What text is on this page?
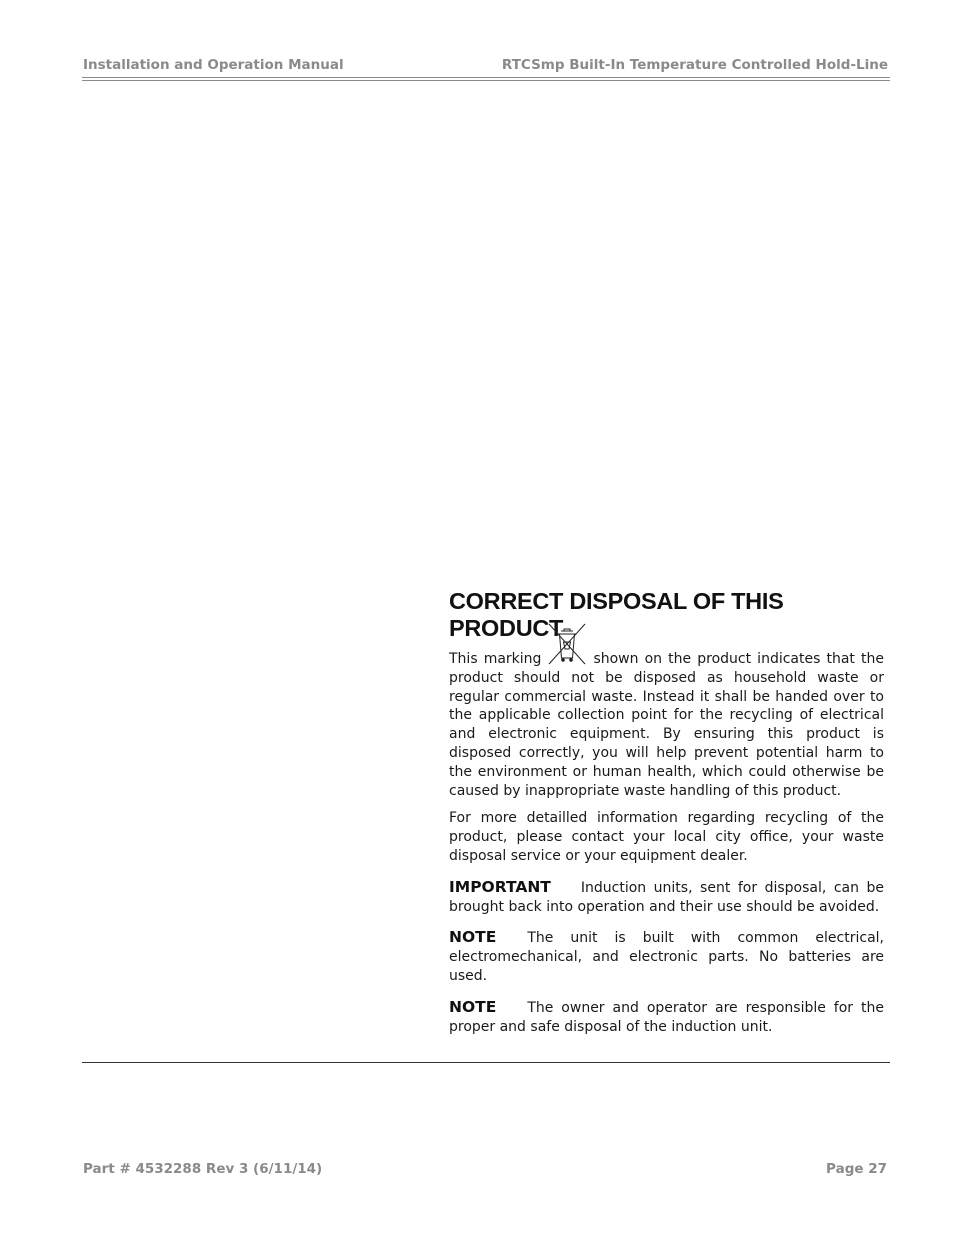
Installation and Operation Manual	RTCSmp Built-In Temperature Controlled Hold-Line
CORRECT DISPOSAL OF THIS PRODUCT

This marking	shown on the product indicates that the product should not be disposed as household waste or regular commercial waste. Instead it shall be handed over to the applicable collection point for the recycling of electrical and electronic equipment. By ensuring this product is disposed correctly, you will help prevent potential harm to the environment or human health, which could otherwise be caused by inappropriate waste handling of this product.

For more detailled information regarding recycling of the product, please contact your local city office, your waste disposal service or your equipment dealer.

IMPORTANT Induction units, sent for disposal, can be brought back into operation and their use should be avoided.

NOTE The unit is built with common electrical, electromechanical, and electronic parts. No batteries are used.

NOTE The owner and operator are responsible for the proper and safe disposal of the induction unit.

Part # 4532288 Rev 3 (6/11/14)	Page 27
